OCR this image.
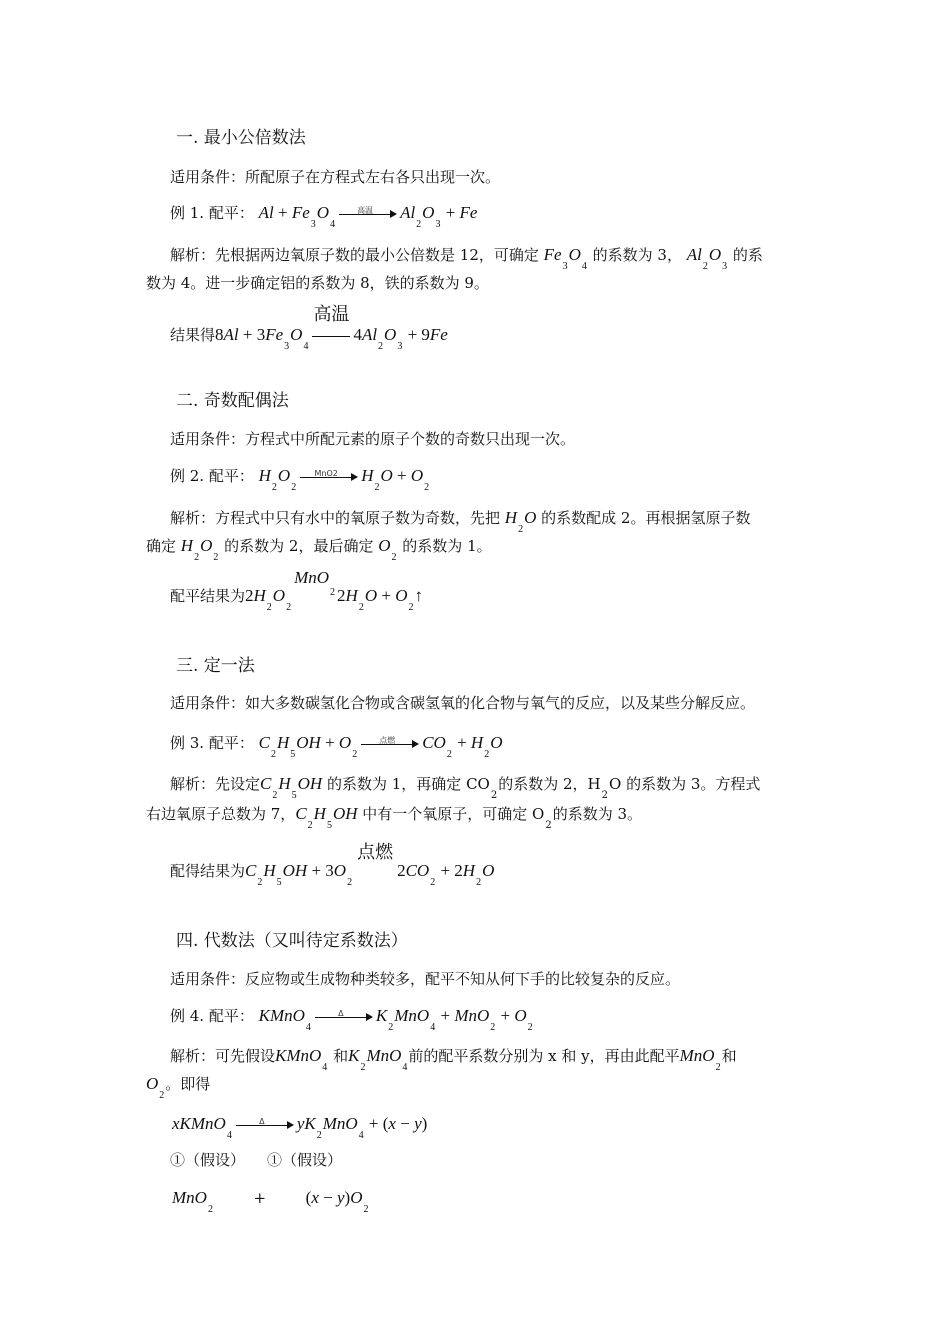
一. 最小公倍数法
适用条件：所配原子在方程式左右各只出现一次。
例 1. 配平： $Al + Fe_3O_4$
高温	$Al_2O_3 + Fe$
解析：先根据两边氧原子数的最小公倍数是 12，可确定 $Fe_3O_4$ 的系数为 3， $Al_2O_3$ 的系
数为 4。进一步确定铝的系数为 8，铁的系数为 9。
结果得$8Al + 3Fe_3O_4$
高温
$4Al_2O_3 + 9Fe$
二. 奇数配偶法
适用条件：方程式中所配元素的原子个数的奇数只出现一次。
例 2. 配平： $H_2O_2$
MnO2	$H_2O + O_2$
解析：方程式中只有水中的氧原子数为奇数，先把 $H_2O$ 的系数配成 2。再根据氢原子数
确定 $H_2O_2$ 的系数为 2，最后确定 $O_2$ 的系数为 1。
配平结果为$2H_2O_2MnO_2$ $2H_2O$ + $O_2↑$
三. 定一法
适用条件：如大多数碳氢化合物或含碳氢氧的化合物与氧气的反应，以及某些分解反应。
例 3. 配平： $C_2H_5OH + O_2$
点燃	$CO_2 + H_2O$
解析：先设定$C_2H_5OH$ 的系数为 1，再确定 $CO_2$的系数为 2，$H_2O$ 的系数为 3。方程式
右边氧原子总数为 7，$C_2H_5OH$ 中有一个氧原子，可确定 $O_2$的系数为 3。
配得结果为$C_2H_5OH + 3O_2$点燃$2CO_2 + 2H_2O$
四. 代数法（又叫待定系数法）
适用条件：反应物或生成物种类较多，配平不知从何下手的比较复杂的反应。
例 4. 配平： KMnO$_4$
Δ	$K_2MnO_4 + MnO_2 + O_2$
解析：可先假设KMnO$_4$ 和$K_2MnO_4$前的配平系数分别为 x 和 y，再由此配平MnO$_2$和
$O_2$。即得
xKMnO$_4$
Δ	$yK_2MnO_4 + (x - y)$
①（假设） ①（假设）
$MnO_2 + (x - y)O_2$
